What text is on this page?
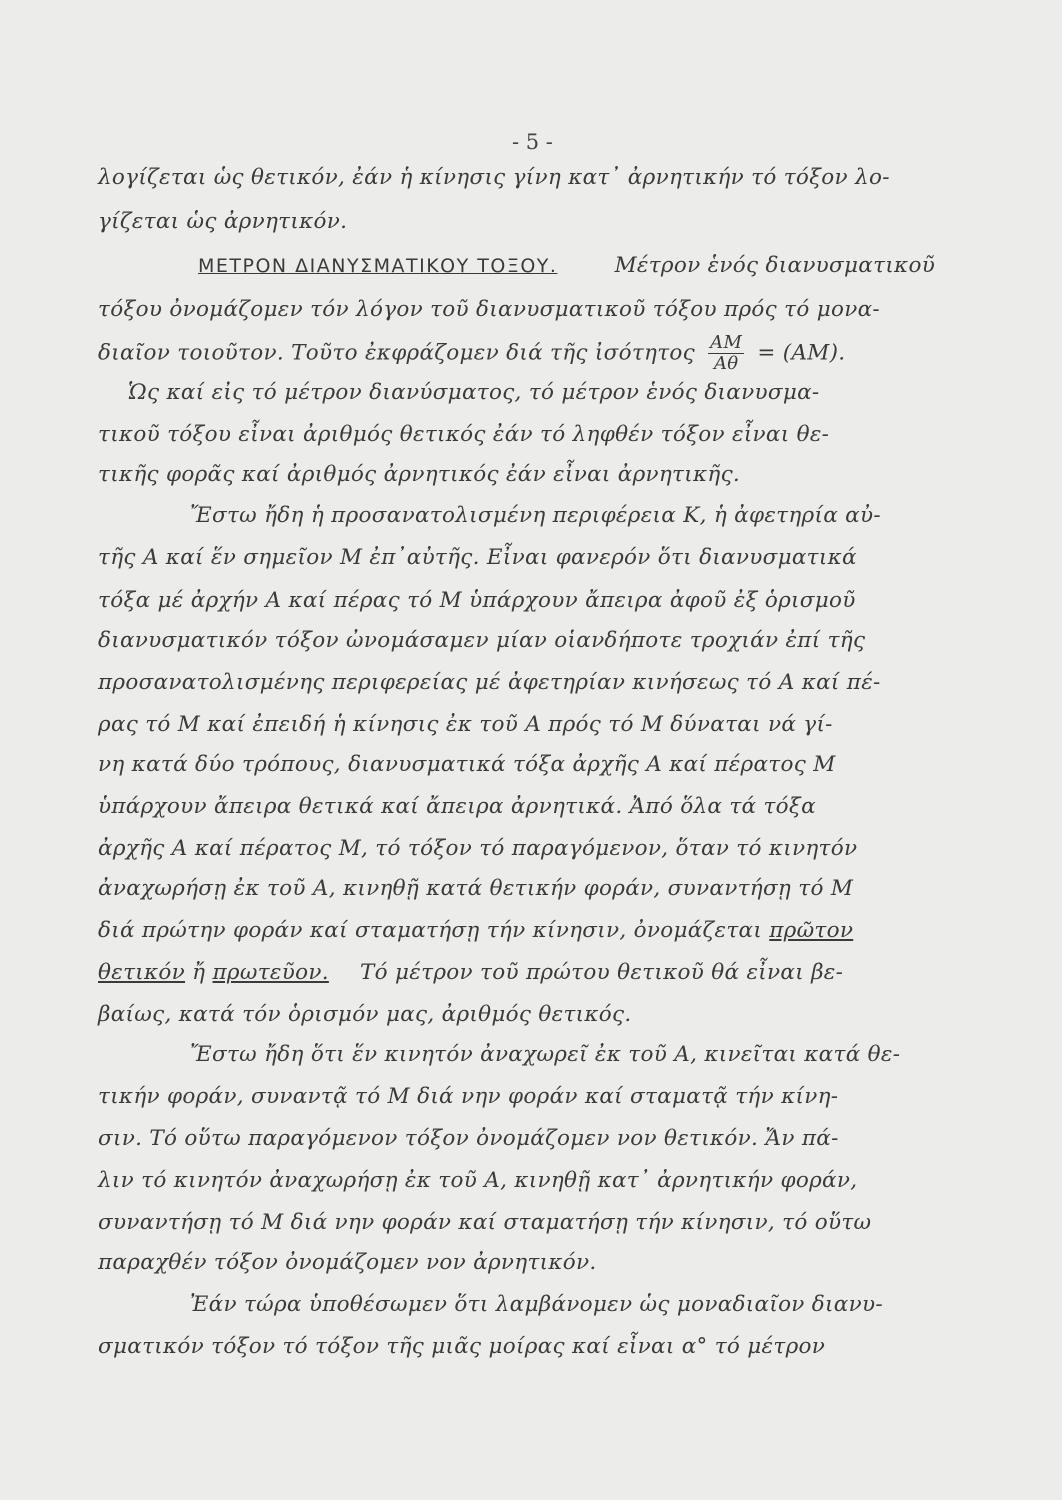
- 5 -
λογίζεται ὡς θετικόν, ἐάν ἡ κίνησις γίνη κατ᾽ ἀρνητικήν τό τόξον λο-
γίζεται ὡς ἀρνητικόν.
ΜΕΤΡΟΝ ΔΙΑΝΥΣΜΑΤΙΚΟΥ ΤΟΞΟΥ.	Μέτρον ἑνός διανυσματικοῦ
τόξου ὀνομάζομεν τόν λόγον τοῦ διανυσματικοῦ τόξου πρός τό μονα-
διαῖον τοιοῦτον. Τοῦτο ἐκφράζομεν διά τῆς ἰσότητος $\frac{AM}{A\theta} = (AM)$.
Ὡς καί εἰς τό μέτρον διανύσματος, τό μέτρον ἑνός διανυσμα-
τικοῦ τόξου εἶναι ἀριθμός θετικός ἐάν τό ληφθέν τόξον εἶναι θε-
τικῆς φορᾶς καί ἀριθμός ἀρνητικός ἐάν εἶναι ἀρνητικῆς.
Ἔστω ἤδη ἡ προσανατολισμένη περιφέρεια Κ, ἡ ἀφετηρία αὐ-
τῆς Α καί ἕν σημεῖον Μ ἐπ᾽αὐτῆς. Εἶναι φανερόν ὅτι διανυσματικά
τόξα μέ ἀρχήν Α καί πέρας τό Μ ὑπάρχουν ἄπειρα ἀφοῦ ἐξ ὁρισμοῦ
διανυσματικόν τόξον ὠνομάσαμεν μίαν οἱανδήποτε τροχιάν ἐπί τῆς
προσανατολισμένης περιφερείας μέ ἀφετηρίαν κινήσεως τό Α καί πέ-
ρας τό Μ καί ἐπειδή ἡ κίνησις ἐκ τοῦ Α πρός τό Μ δύναται νά γί-
νη κατά δύο τρόπους, διανυσματικά τόξα ἀρχῆς Α καί πέρατος Μ
ὑπάρχουν ἄπειρα θετικά καί ἄπειρα ἀρνητικά. Ἀπό ὅλα τά τόξα
ἀρχῆς Α καί πέρατος Μ, τό τόξον τό παραγόμενον, ὅταν τό κινητόν
ἀναχωρήσῃ ἐκ τοῦ Α, κινηθῇ κατά θετικήν φοράν, συναντήσῃ τό Μ
διά πρώτην φοράν καί σταματήσῃ τήν κίνησιν, ὀνομάζεται πρῶτον
θετικόν ἤ πρωτεῦον. Τό μέτρον τοῦ πρώτου θετικοῦ θά εἶναι βε-
βαίως, κατά τόν ὁρισμόν μας, ἀριθμός θετικός.
Ἔστω ἤδη ὅτι ἕν κινητόν ἀναχωρεῖ ἐκ τοῦ Α, κινεῖται κατά θε-
τικήν φοράν, συναντᾷ τό Μ διά νην φοράν καί σταματᾷ τήν κίνη-
σιν. Τό οὕτω παραγόμενον τόξον ὀνομάζομεν νον θετικόν. Ἄν πά-
λιν τό κινητόν ἀναχωρήσῃ ἐκ τοῦ Α, κινηθῇ κατ᾽ ἀρνητικήν φοράν,
συναντήσῃ τό Μ διά νην φοράν καί σταματήσῃ τήν κίνησιν, τό οὕτω
παραχθέν τόξον ὀνομάζομεν νον ἀρνητικόν.
Ἐάν τώρα ὑποθέσωμεν ὅτι λαμβάνομεν ὡς μοναδιαῖον διανυ-
σματικόν τόξον τό τόξον τῆς μιᾶς μοίρας καί εἶναι α° τό μέτρον
